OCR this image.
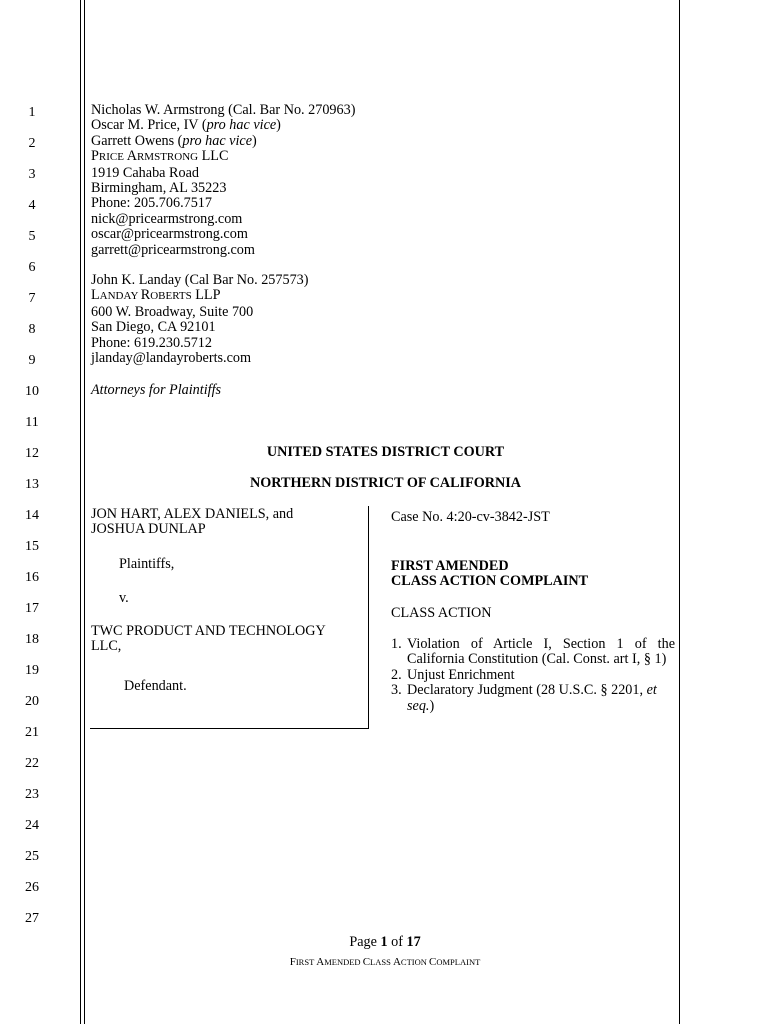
1
2
3
4
5
6
7
8
9
10
11
12
13
14
15
16
17
18
19
20
21
22
23
24
25
26
27
Nicholas W. Armstrong (Cal. Bar No. 270963)
Oscar M. Price, IV (pro hac vice)
Garrett Owens (pro hac vice)
PRICE ARMSTRONG LLC
1919 Cahaba Road
Birmingham, AL 35223
Phone: 205.706.7517
nick@pricearmstrong.com
oscar@pricearmstrong.com
garrett@pricearmstrong.com
John K. Landay (Cal Bar No. 257573)
LANDAY ROBERTS LLP
600 W. Broadway, Suite 700
San Diego, CA 92101
Phone: 619.230.5712
jlanday@landayroberts.com
Attorneys for Plaintiffs
UNITED STATES DISTRICT COURT
NORTHERN DISTRICT OF CALIFORNIA
JON HART, ALEX DANIELS, and
JOSHUA DUNLAP
Plaintiffs,
v.
TWC PRODUCT AND TECHNOLOGY
LLC,
Defendant.
Case No. 4:20-cv-3842-JST
FIRST AMENDED
CLASS ACTION COMPLAINT
CLASS ACTION
1. Violation of Article I, Section 1 of the California Constitution (Cal. Const. art I, § 1)
2. Unjust Enrichment
3. Declaratory Judgment (28 U.S.C. § 2201, et seq.)
Page 1 of 17
FIRST AMENDED CLASS ACTION COMPLAINT
